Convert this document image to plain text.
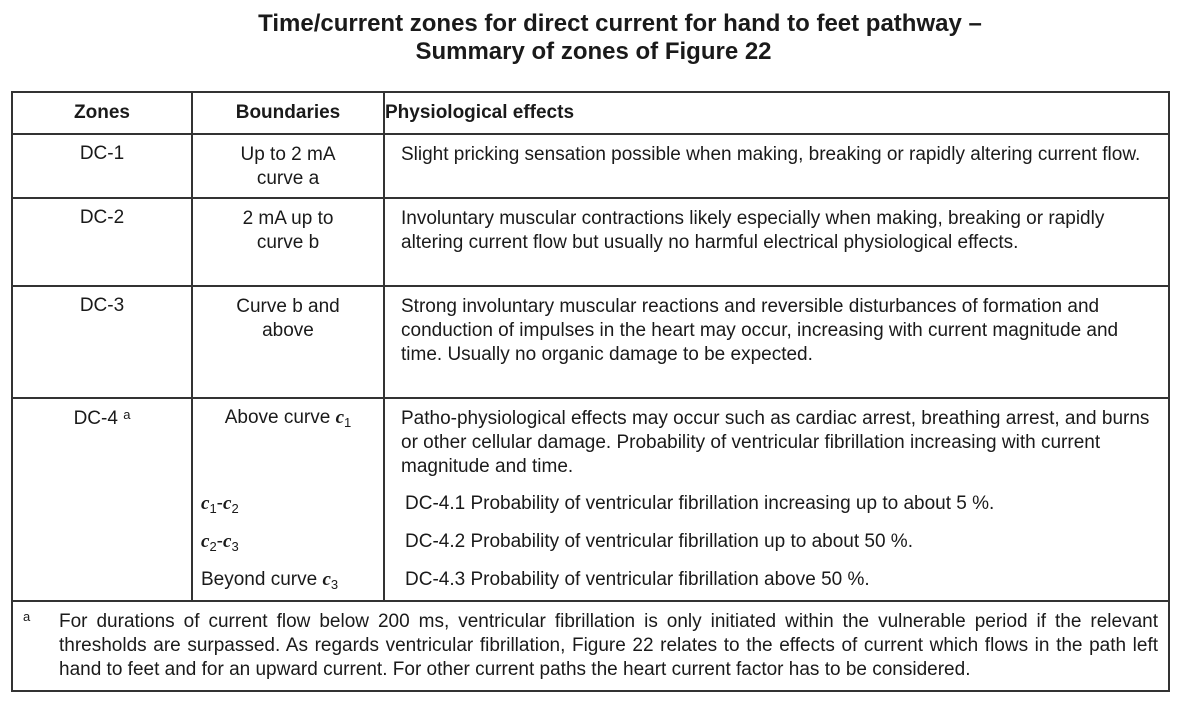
Time/current zones for direct current for hand to feet pathway –
Summary of zones of Figure 22
Zones	Boundaries	Physiological effects

DC-1	Up to 2 mA curve a	Slight pricking sensation possible when making, breaking or rapidly altering current flow.

DC-2	2 mA up to curve b	Involuntary muscular contractions likely especially when making, breaking or rapidly altering current flow but usually no harmful electrical physiological effects.

DC-3	Curve b and above	Strong involuntary muscular reactions and reversible disturbances of formation and conduction of impulses in the heart may occur, increasing with current magnitude and time. Usually no organic damage to be expected.

DC-4 $^a$	Above curve $c_1$	Patho-physiological effects may occur such as cardiac arrest, breathing arrest, and burns or other cellular damage. Probability of ventricular fibrillation increasing with current magnitude and time.

	$c_1-c_2$	DC-4.1 Probability of ventricular fibrillation increasing up to about 5 %.

	$c_2-c_3$	DC-4.2 Probability of ventricular fibrillation up to about 50 %.

	Beyond curve $c_3$	DC-4.3 Probability of ventricular fibrillation above 50 %.

a For durations of current flow below 200 ms, ventricular fibrillation is only initiated within the vulnerable period if the relevant thresholds are surpassed. As regards ventricular fibrillation, Figure 22 relates to the effects of current which flows in the path left hand to feet and for an upward current. For other current paths the heart current factor has to be considered.		
